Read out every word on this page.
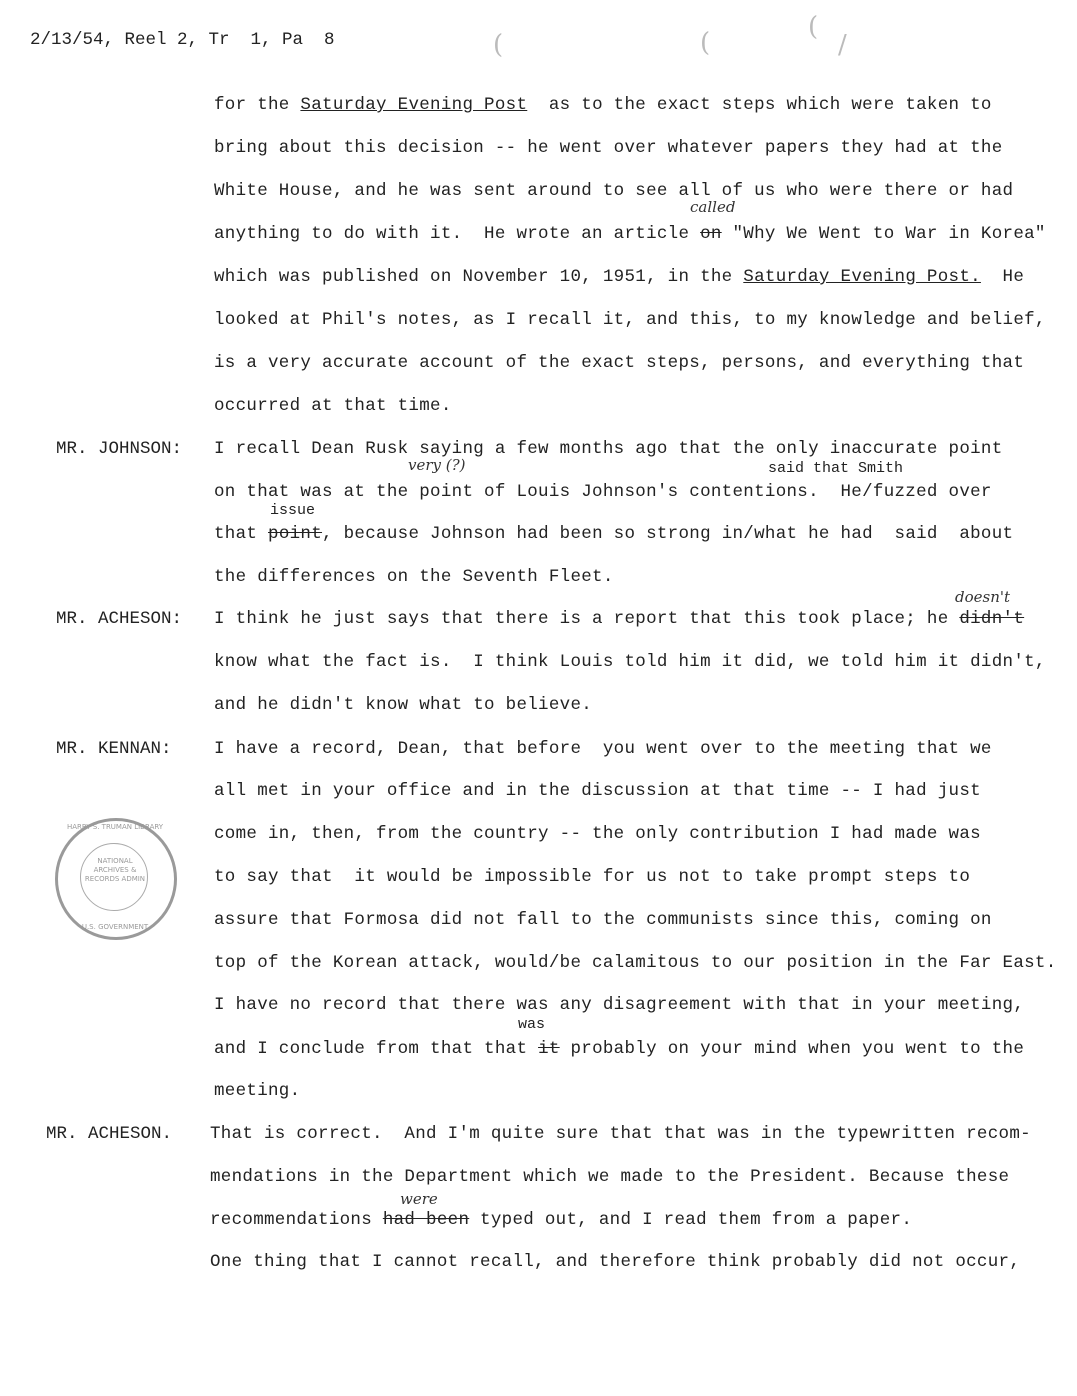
2/13/54, Reel 2, Tr  1, Pa  8	(	(
(
/
for the Saturday Evening Post  as to the exact steps which were taken to
bring about this decision -- he went over whatever papers they had at the
White House, and he was sent around to see all of us who were there or had
called
anything to do with it.  He wrote an article on "Why We Went to War in Korea"
which was published on November 10, 1951, in the Saturday Evening Post.  He
looked at Phil's notes, as I recall it, and this, to my knowledge and belief,
is a very accurate account of the exact steps, persons, and everything that
occurred at that time.
MR. JOHNSON: I recall Dean Rusk saying a few months ago that the only inaccurate point
very (?)	said that Smith
on that was at the point of Louis Johnson's contentions.  He/fuzzed over
issue
that point, because Johnson had been so strong in/what he had  said  about
the differences on the Seventh Fleet.
MR. ACHESON:
doesn't
I think he just says that there is a report that this took place; he didn't
know what the fact is.  I think Louis told him it did, we told him it didn't,
and he didn't know what to believe.
MR. KENNAN: I have a record, Dean, that before  you went over to the meeting that we
all met in your office and in the discussion at that time -- I had just
come in, then, from the country -- the only contribution I had made was
to say that  it would be impossible for us not to take prompt steps to
assure that Formosa did not fall to the communists since this, coming on
top of the Korean attack, would/be calamitous to our position in the Far East.
I have no record that there was any disagreement with that in your meeting,
was
and I conclude from that that it probably on your mind when you went to the
meeting.
MR. ACHESON. That is correct.  And I'm quite sure that that was in the typewritten recom-
mendations in the Department which we made to the President. Because these
were
recommendations had been typed out, and I read them from a paper.
One thing that I cannot recall, and therefore think probably did not occur,
HARRY S. TRUMAN LIBRARY
NATIONAL ARCHIVES & RECORDS ADMIN
U.S. GOVERNMENT
